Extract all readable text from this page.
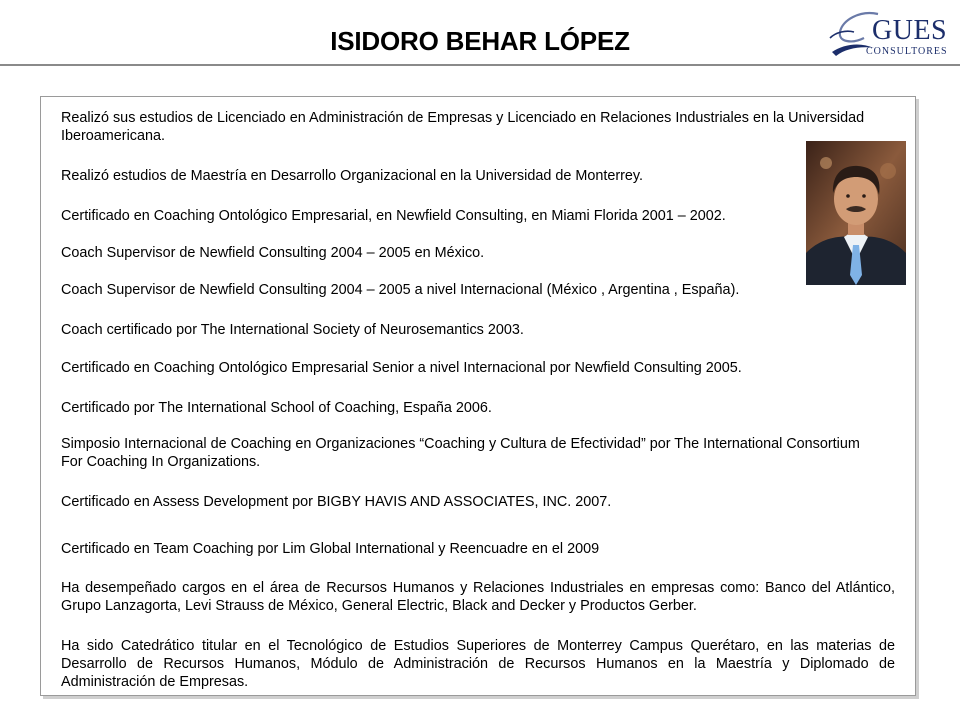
ISIDORO BEHAR LÓPEZ	GUES
CONSULTORES

Realizó sus estudios de Licenciado en Administración de Empresas y Licenciado en Relaciones Industriales en la Universidad Iberoamericana.

Realizó estudios de Maestría en Desarrollo Organizacional en la Universidad de Monterrey.

Certificado en Coaching Ontológico Empresarial, en Newfield Consulting, en Miami Florida 2001 – 2002.

Coach Supervisor de Newfield Consulting 2004 – 2005 en México.

Coach Supervisor de Newfield Consulting 2004 – 2005 a nivel Internacional (México , Argentina , España).

Coach certificado por The International Society of Neurosemantics 2003.

Certificado en Coaching Ontológico Empresarial Senior a nivel Internacional por Newfield Consulting 2005.

Certificado por The International School of Coaching, España 2006.

Simposio Internacional de Coaching en Organizaciones “Coaching y Cultura de Efectividad” por The International Consortium For Coaching In Organizations.

Certificado en Assess Development por BIGBY HAVIS AND ASSOCIATES, INC. 2007.

Certificado en Team Coaching por Lim Global International y Reencuadre en el 2009

Ha desempeñado cargos en el área de Recursos Humanos y Relaciones Industriales en empresas como: Banco del Atlántico, Grupo Lanzagorta, Levi Strauss de México, General Electric, Black and Decker y Productos Gerber.

Ha sido Catedrático titular en el Tecnológico de Estudios Superiores de Monterrey Campus Querétaro, en las materias de Desarrollo de Recursos Humanos, Módulo de Administración de Recursos Humanos en la Maestría y Diplomado de Administración de Empresas.
